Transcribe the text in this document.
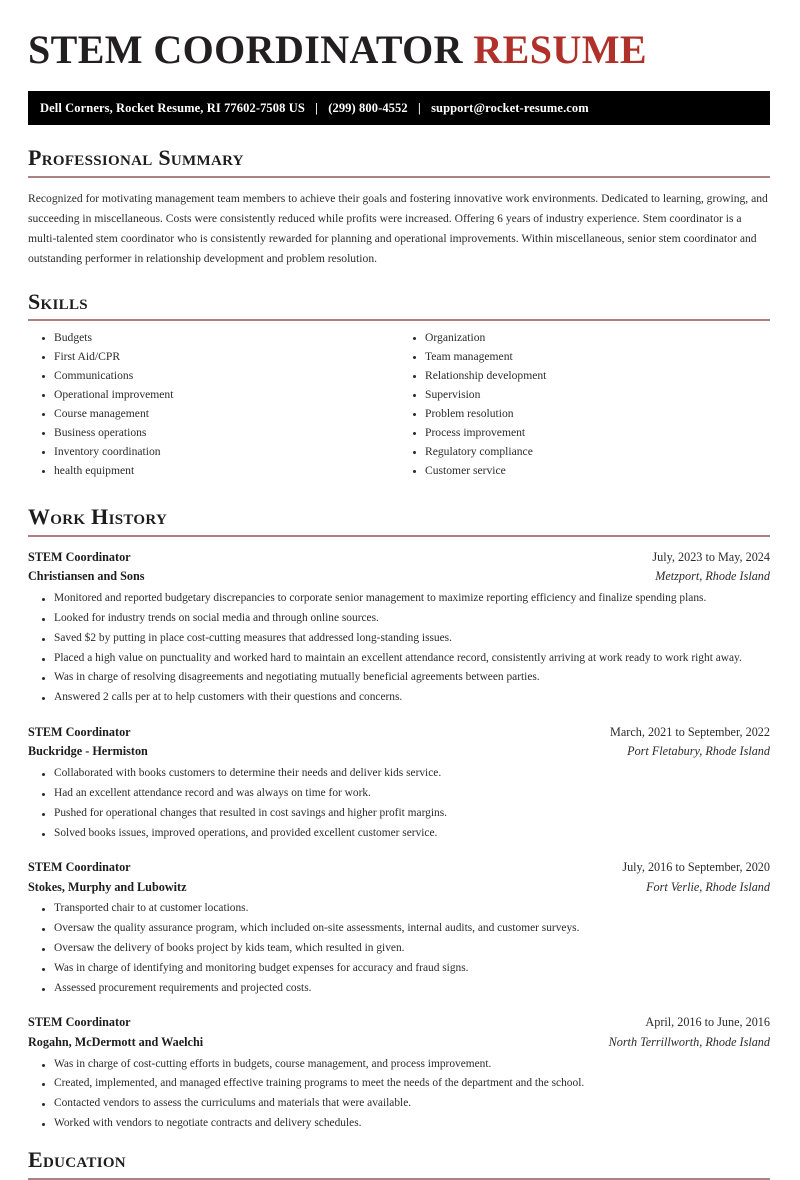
STEM COORDINATOR RESUME
Dell Corners, Rocket Resume, RI 77602-7508 US | (299) 800-4552 | support@rocket-resume.com
Professional Summary

Recognized for motivating management team members to achieve their goals and fostering innovative work environments. Dedicated to learning, growing, and succeeding in miscellaneous. Costs were consistently reduced while profits were increased. Offering 6 years of industry experience. Stem coordinator is a multi-talented stem coordinator who is consistently rewarded for planning and operational improvements. Within miscellaneous, senior stem coordinator and outstanding performer in relationship development and problem resolution.

Skills
Budgets
First Aid/CPR
Communications
Operational improvement
Course management
Business operations
Inventory coordination
health equipment
Organization
Team management
Relationship development
Supervision
Problem resolution
Process improvement
Regulatory compliance
Customer service
Work History
STEM Coordinator	July, 2023 to May, 2024
Christiansen and Sons	Metzport, Rhode Island
Monitored and reported budgetary discrepancies to corporate senior management to maximize reporting efficiency and finalize spending plans.
Looked for industry trends on social media and through online sources.
Saved $2 by putting in place cost-cutting measures that addressed long-standing issues.
Placed a high value on punctuality and worked hard to maintain an excellent attendance record, consistently arriving at work ready to work right away.
Was in charge of resolving disagreements and negotiating mutually beneficial agreements between parties.
Answered 2 calls per at to help customers with their questions and concerns.
STEM Coordinator	March, 2021 to September, 2022
Buckridge - Hermiston	Port Fletabury, Rhode Island
Collaborated with books customers to determine their needs and deliver kids service.
Had an excellent attendance record and was always on time for work.
Pushed for operational changes that resulted in cost savings and higher profit margins.
Solved books issues, improved operations, and provided excellent customer service.
STEM Coordinator	July, 2016 to September, 2020
Stokes, Murphy and Lubowitz	Fort Verlie, Rhode Island
Transported chair to at customer locations.
Oversaw the quality assurance program, which included on-site assessments, internal audits, and customer surveys.
Oversaw the delivery of books project by kids team, which resulted in given.
Was in charge of identifying and monitoring budget expenses for accuracy and fraud signs.
Assessed procurement requirements and projected costs.
STEM Coordinator	April, 2016 to June, 2016
Rogahn, McDermott and Waelchi	North Terrillworth, Rhode Island
Was in charge of cost-cutting efforts in budgets, course management, and process improvement.
Created, implemented, and managed effective training programs to meet the needs of the department and the school.
Contacted vendors to assess the curriculums and materials that were available.
Worked with vendors to negotiate contracts and delivery schedules.
Education
